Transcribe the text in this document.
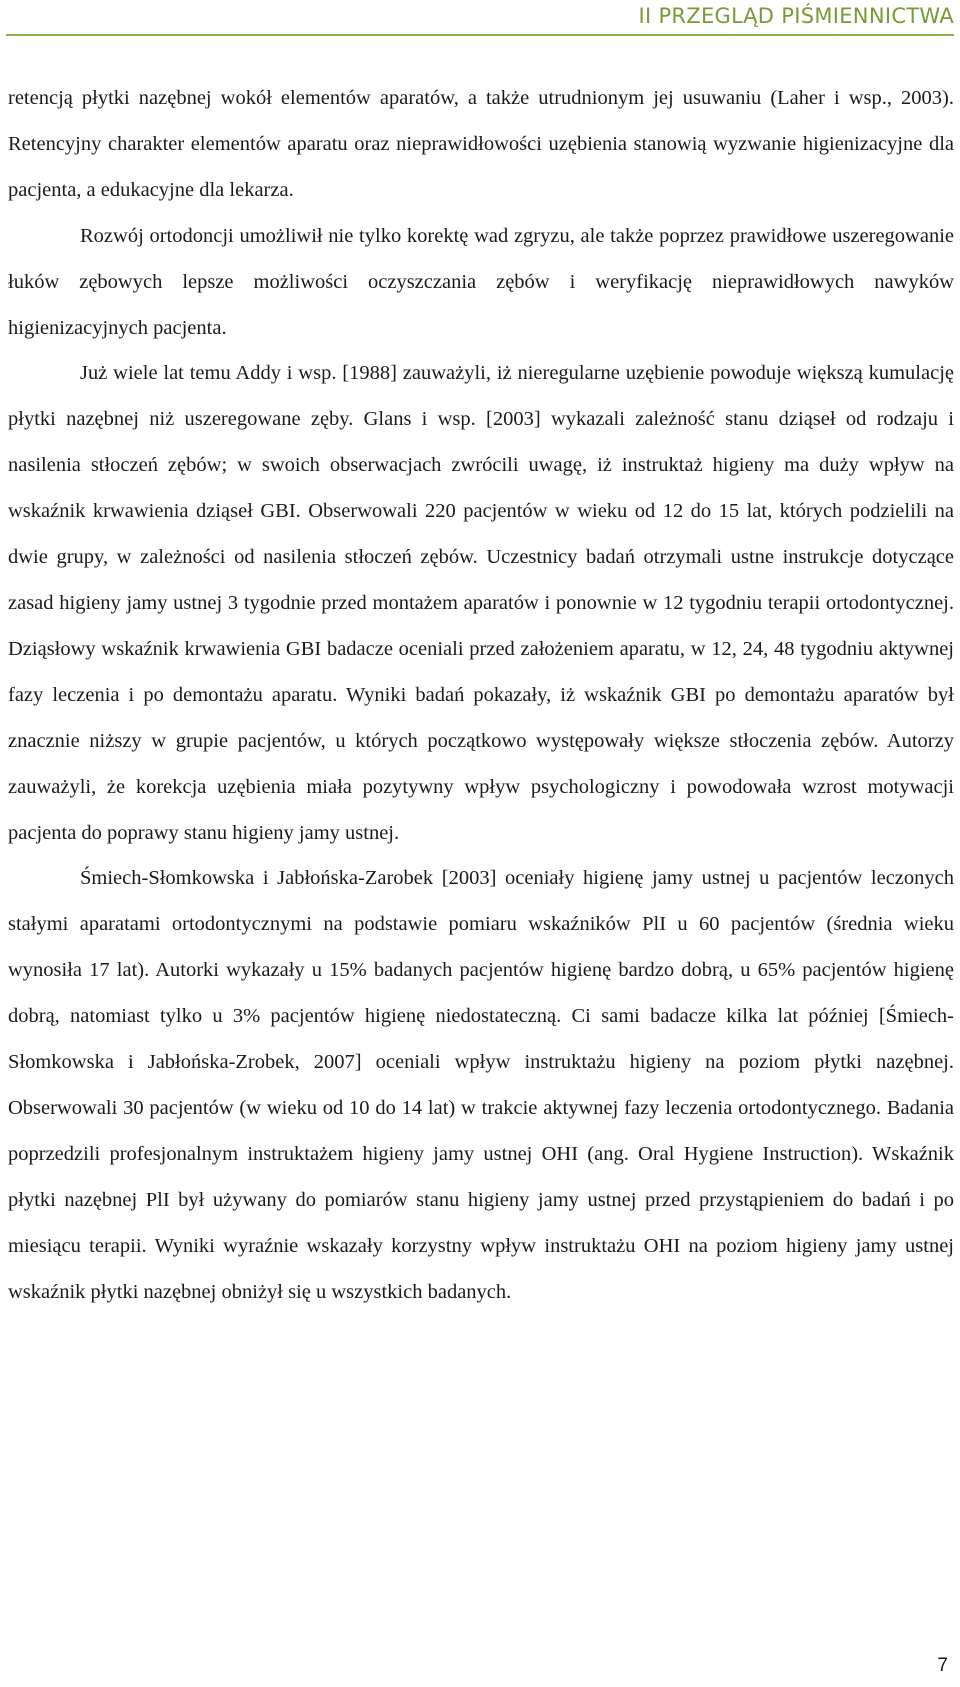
II PRZEGLĄD PIŚMIENNICTWA

retencją płytki nazębnej wokół elementów aparatów, a także utrudnionym jej usuwaniu (Laher i wsp., 2003). Retencyjny charakter elementów aparatu oraz nieprawidłowości uzębienia stanowią wyzwanie higienizacyjne dla pacjenta, a edukacyjne dla lekarza.

Rozwój ortodoncji umożliwił nie tylko korektę wad zgryzu, ale także poprzez prawidłowe uszeregowanie łuków zębowych lepsze możliwości oczyszczania zębów i weryfikację nieprawidłowych nawyków higienizacyjnych pacjenta.

Już wiele lat temu Addy i wsp. [1988] zauważyli, iż nieregularne uzębienie powoduje większą kumulację płytki nazębnej niż uszeregowane zęby. Glans i wsp. [2003] wykazali zależność stanu dziąseł od rodzaju i nasilenia stłoczeń zębów; w swoich obserwacjach zwrócili uwagę, iż instruktaż higieny ma duży wpływ na wskaźnik krwawienia dziąseł GBI. Obserwowali 220 pacjentów w wieku od 12 do 15 lat, których podzielili na dwie grupy, w zależności od nasilenia stłoczeń zębów. Uczestnicy badań otrzymali ustne instrukcje dotyczące zasad higieny jamy ustnej 3 tygodnie przed montażem aparatów i ponownie w 12 tygodniu terapii ortodontycznej. Dziąsłowy wskaźnik krwawienia GBI badacze oceniali przed założeniem aparatu, w 12, 24, 48 tygodniu aktywnej fazy leczenia i po demontażu aparatu. Wyniki badań pokazały, iż wskaźnik GBI po demontażu aparatów był znacznie niższy w grupie pacjentów, u których początkowo występowały większe stłoczenia zębów. Autorzy zauważyli, że korekcja uzębienia miała pozytywny wpływ psychologiczny i powodowała wzrost motywacji pacjenta do poprawy stanu higieny jamy ustnej.

Śmiech-Słomkowska i Jabłońska-Zarobek [2003] oceniały higienę jamy ustnej u pacjentów leczonych stałymi aparatami ortodontycznymi na podstawie pomiaru wskaźników PlI u 60 pacjentów (średnia wieku wynosiła 17 lat). Autorki wykazały u 15% badanych pacjentów higienę bardzo dobrą, u 65% pacjentów higienę dobrą, natomiast tylko u 3% pacjentów higienę niedostateczną. Ci sami badacze kilka lat później [Śmiech-Słomkowska i Jabłońska-Zrobek, 2007] oceniali wpływ instruktażu higieny na poziom płytki nazębnej. Obserwowali 30 pacjentów (w wieku od 10 do 14 lat) w trakcie aktywnej fazy leczenia ortodontycznego. Badania poprzedzili profesjonalnym instruktażem higieny jamy ustnej OHI (ang. Oral Hygiene Instruction). Wskaźnik płytki nazębnej PlI był używany do pomiarów stanu higieny jamy ustnej przed przystąpieniem do badań i po miesiącu terapii. Wyniki wyraźnie wskazały korzystny wpływ instruktażu OHI na poziom higieny jamy ustnej wskaźnik płytki nazębnej obniżył się u wszystkich badanych.

7
